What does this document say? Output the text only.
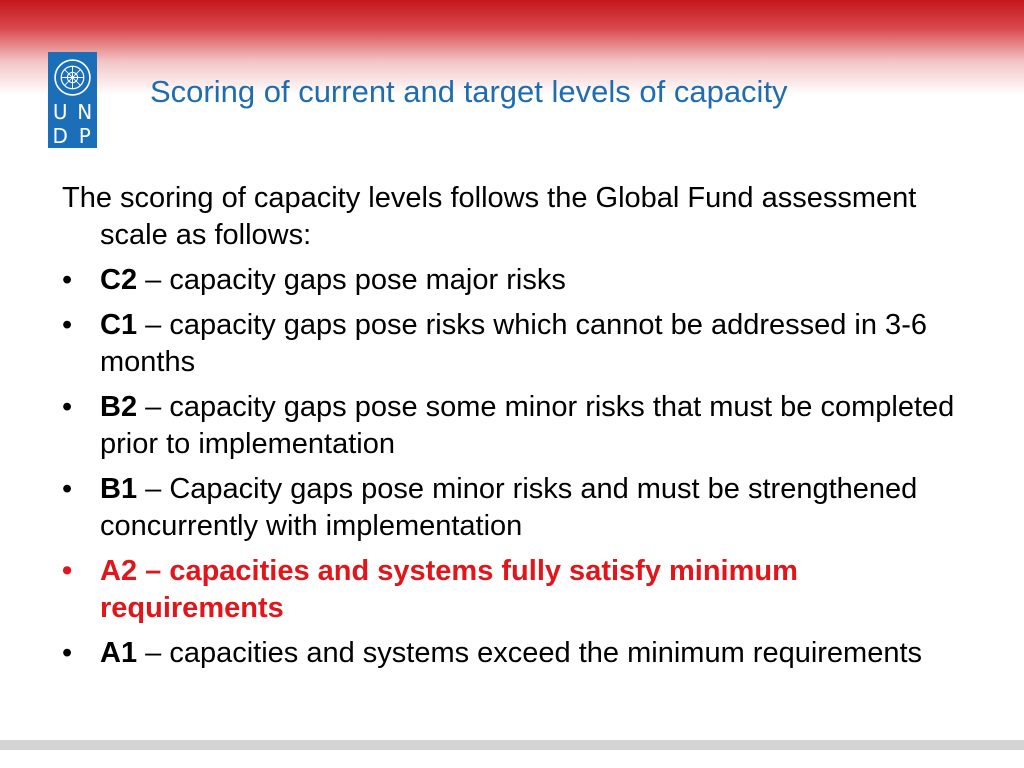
U N
D P
Scoring of current and target levels of capacity

The scoring of capacity levels follows the Global Fund assessment scale as follows:

• C2 – capacity gaps pose major risks
• C1 – capacity gaps pose risks which cannot be addressed in 3-6 months
• B2 – capacity gaps pose some minor risks that must be completed prior to implementation
• B1 – Capacity gaps pose minor risks and must be strengthened concurrently with implementation
• A2 – capacities and systems fully satisfy minimum requirements
• A1 – capacities and systems exceed the minimum requirements
